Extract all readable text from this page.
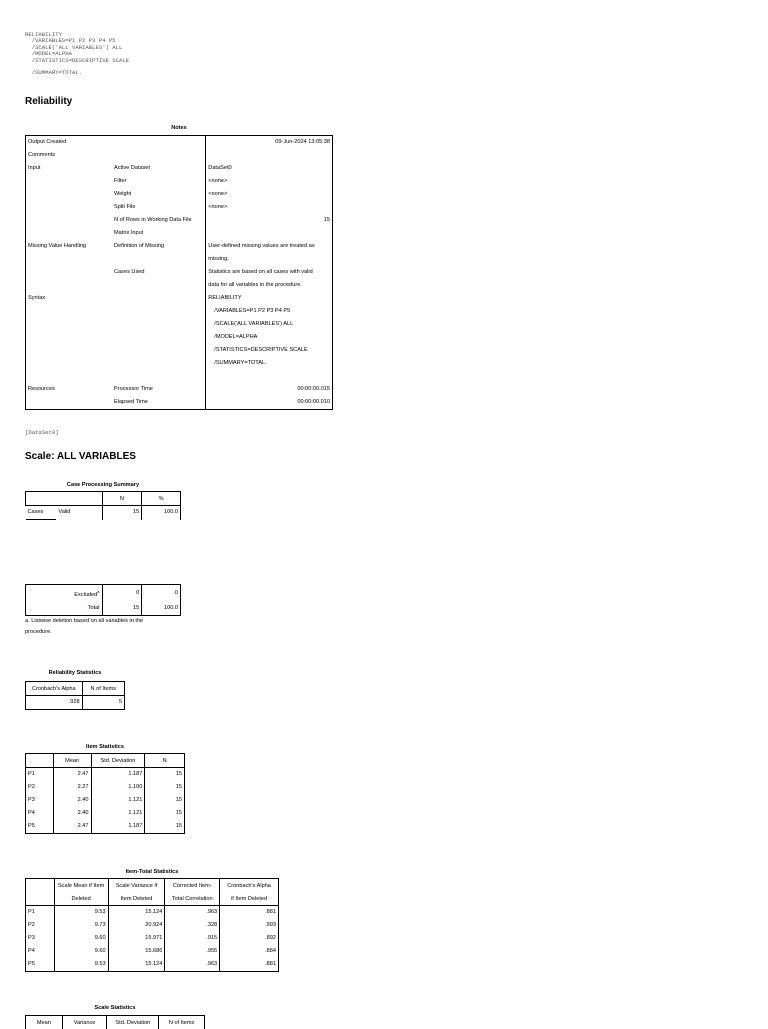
RELIABILITY
/VARIABLES=P1 P2 P3 P4 P5
/SCALE('ALL VARIABLES') ALL
/MODEL=ALPHA
/STATISTICS=DESCRIPTIVE SCALE

/SUMMARY=TOTAL.
Reliability
Notes
Output Created		09-Jun-2024 13:05:38
Comments		
Input	Active Dataset	DataSet0
	Filter	<none>
	Weight	<none>
	Split File	<none>
	N of Rows in Working Data File	15
	Matrix Input	
Missing Value Handling	Definition of Missing	User-defined missing values are treated as
		missing.
	Cases Used	Statistics are based on all cases with valid
		data for all variables in the procedure.
Syntax		RELIABILITY
		/VARIABLES=P1 P2 P3 P4 P5
		/SCALE('ALL VARIABLES') ALL
		/MODEL=ALPHA
		/STATISTICS=DESCRIPTIVE SCALE
		/SUMMARY=TOTAL.

Resources	Processor Time	00:00:00.015
	Elapsed Time	00:00:00.010
[DataSet0]
Scale: ALL VARIABLES
Case Processing Summary
		N	%
Cases	Valid	15	100.0
Excluded$^a$	0	.0
Total	15	100.0
a. Listwise deletion based on all variables in the
procedure.
Reliability Statistics
Cronbach's Alpha	N of Items
.928	5
Item Statistics
	Mean	Std. Deviation	N
P1	2.47	1.187	15
P2	2.27	1.100	15
P3	2.40	1.121	15
P4	2.40	1.121	15
P5	2.47	1.187	15
Item-Total Statistics
	Scale Mean if Item	Scale Variance if	Corrected Item-	Cronbach's Alpha
	Deleted	Item Deleted	Total Correlation	if Item Deleted
P1	9.53	15.124	.963	.881
P2	9.73	20.924	.328	.993
P3	9.60	15.971	.915	.892
P4	9.60	15.686	.955	.884
P5	9.53	15.124	.963	.881
Scale Statistics
Mean	Variance	Std. Deviation	N of Items
